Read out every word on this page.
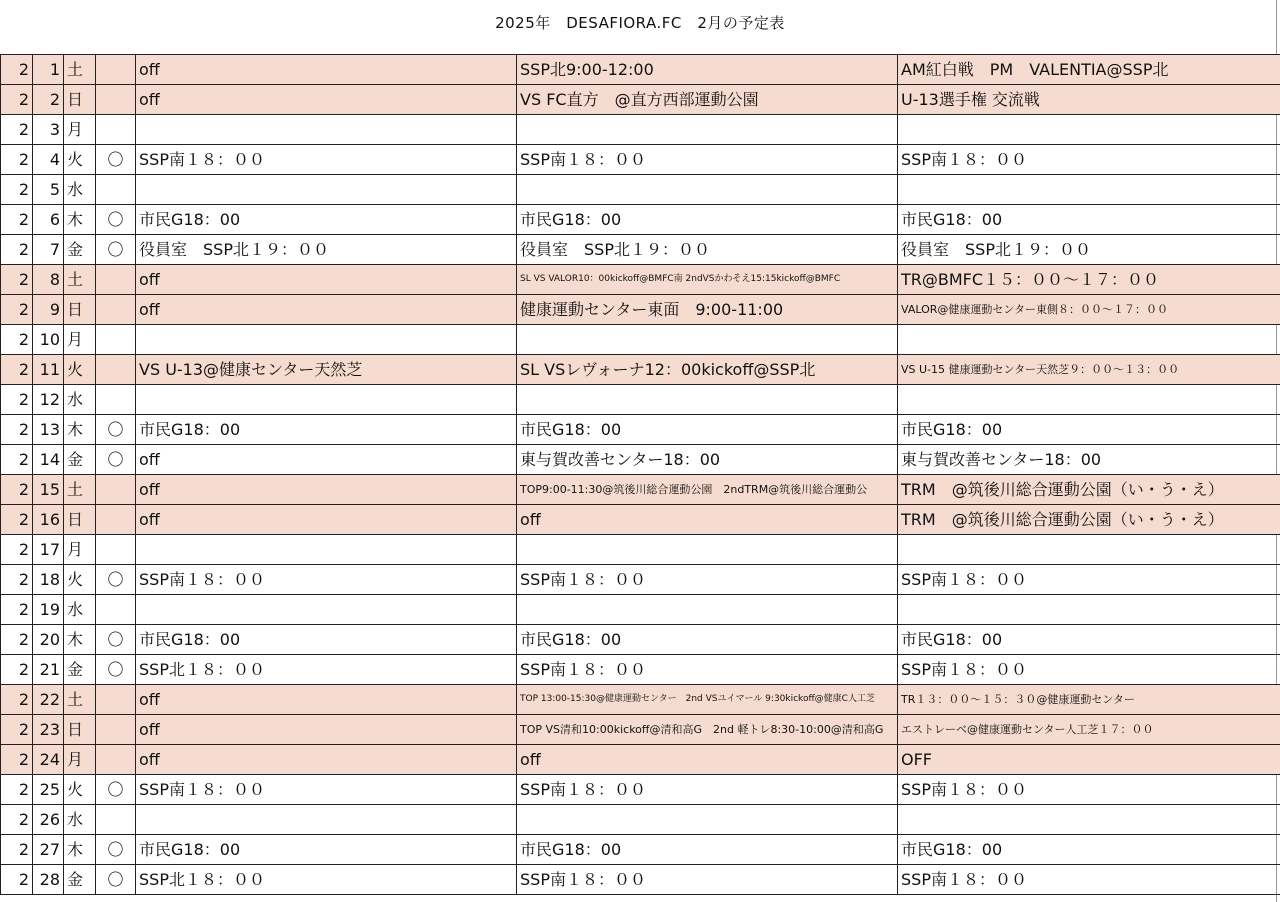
2025年　DESAFIORA.FC　2月の予定表
2	1	土		off	SSP北9:00-12:00	AM紅白戦　PM　VALENTIA@SSP北
2	2	日		off	VS FC直方　@直方西部運動公園	U-13選手権 交流戦
2	3	月				
2	4	火	〇	SSP南１８：００	SSP南１８：００	SSP南１８：００
2	5	水				
2	6	木	〇	市民G18：00	市民G18：00	市民G18：00
2	7	金	〇	役員室　SSP北１９：００	役員室　SSP北１９：００	役員室　SSP北１９：００
2	8	土		off	SL VS VALOR10：00kickoff@BMFC南 2ndVSかわそえ15:15kickoff@BMFC	TR@BMFC１５：００～１７：００
2	9	日		off	健康運動センター東面　9:00-11:00	VALOR@健康運動センター東側８：００～１７：００
2	10	月				
2	11	火		VS U-13@健康センター天然芝	SL VSレヴォーナ12：00kickoff@SSP北	VS U-15 健康運動センター天然芝９：００～１３：００
2	12	水				
2	13	木	〇	市民G18：00	市民G18：00	市民G18：00
2	14	金	〇	off	東与賀改善センター18：00	東与賀改善センター18：00
2	15	土		off	TOP9:00-11:30@筑後川総合運動公園　2ndTRM@筑後川総合運動公	TRM　@筑後川総合運動公園（い・う・え）
2	16	日		off	off	TRM　@筑後川総合運動公園（い・う・え）
2	17	月				
2	18	火	〇	SSP南１８：００	SSP南１８：００	SSP南１８：００
2	19	水				
2	20	木	〇	市民G18：00	市民G18：00	市民G18：00
2	21	金	〇	SSP北１８：００	SSP南１８：００	SSP南１８：００
2	22	土		off	TOP 13:00-15:30@健康運動センター　2nd VSユイマール 9:30kickoff@健康C人工芝	TR１３：００～１５：３０@健康運動センター
2	23	日		off	TOP VS清和10:00kickoff@清和高G　2nd 軽トレ8:30-10:00@清和高G	エストレーベ@健康運動センター人工芝１７：００
2	24	月		off	off	OFF
2	25	火	〇	SSP南１８：００	SSP南１８：００	SSP南１８：００
2	26	水				
2	27	木	〇	市民G18：00	市民G18：00	市民G18：00
2	28	金	〇	SSP北１８：００	SSP南１８：００	SSP南１８：００
